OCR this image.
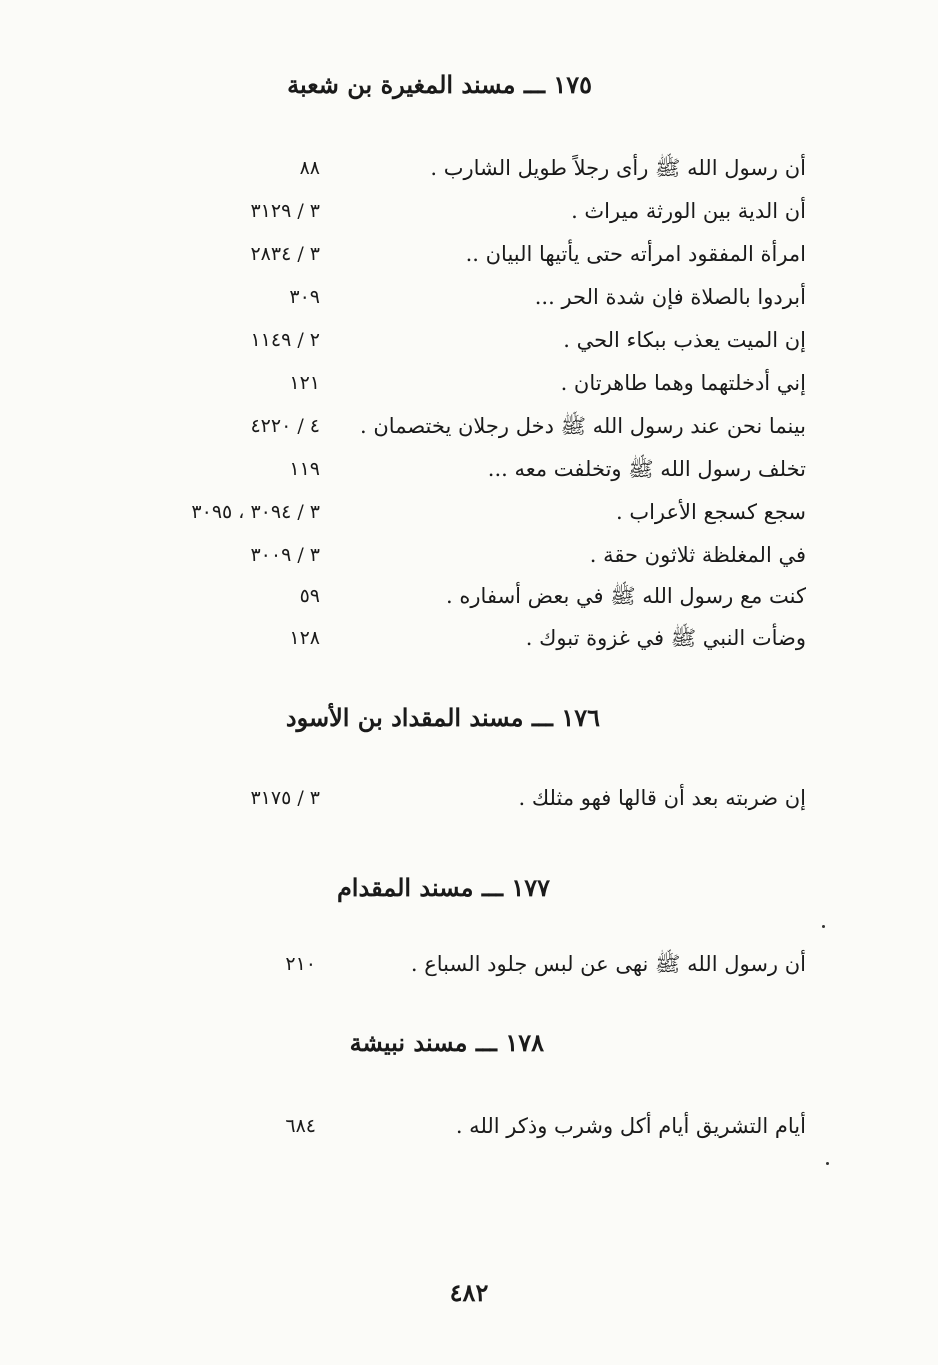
١٧٥ ـــ مسند المغيرة بن شعبة
أن رسول الله ﷺ رأى رجلاً طويل الشارب .
٨٨
أن الدية بين الورثة ميراث .
٣ / ٣١٢٩
امرأة المفقود امرأته حتى يأتيها البيان ..
٣ / ٢٨٣٤
أبردوا بالصلاة فإن شدة الحر ...
٣٠٩
إن الميت يعذب ببكاء الحي .
٢ / ١١٤٩
إني أدخلتهما وهما طاهرتان .
١٢١
بينما نحن عند رسول الله ﷺ دخل رجلان يختصمان .
٤ / ٤٢٢٠
تخلف رسول الله ﷺ وتخلفت معه ...
١١٩
سجع كسجع الأعراب .
٣ / ٣٠٩٤ ، ٣٠٩٥
في المغلظة ثلاثون حقة .
٣ / ٣٠٠٩
كنت مع رسول الله ﷺ في بعض أسفاره .
٥٩
وضأت النبي ﷺ في غزوة تبوك .
١٢٨
١٧٦ ـــ مسند المقداد بن الأسود
إن ضربته بعد أن قالها فهو مثلك .
٣ / ٣١٧٥
١٧٧ ـــ مسند المقدام
أن رسول الله ﷺ نهى عن لبس جلود السباع .
٢١٠
١٧٨ ـــ مسند نبيشة
أيام التشريق أيام أكل وشرب وذكر الله .
٦٨٤
٤٨٢
